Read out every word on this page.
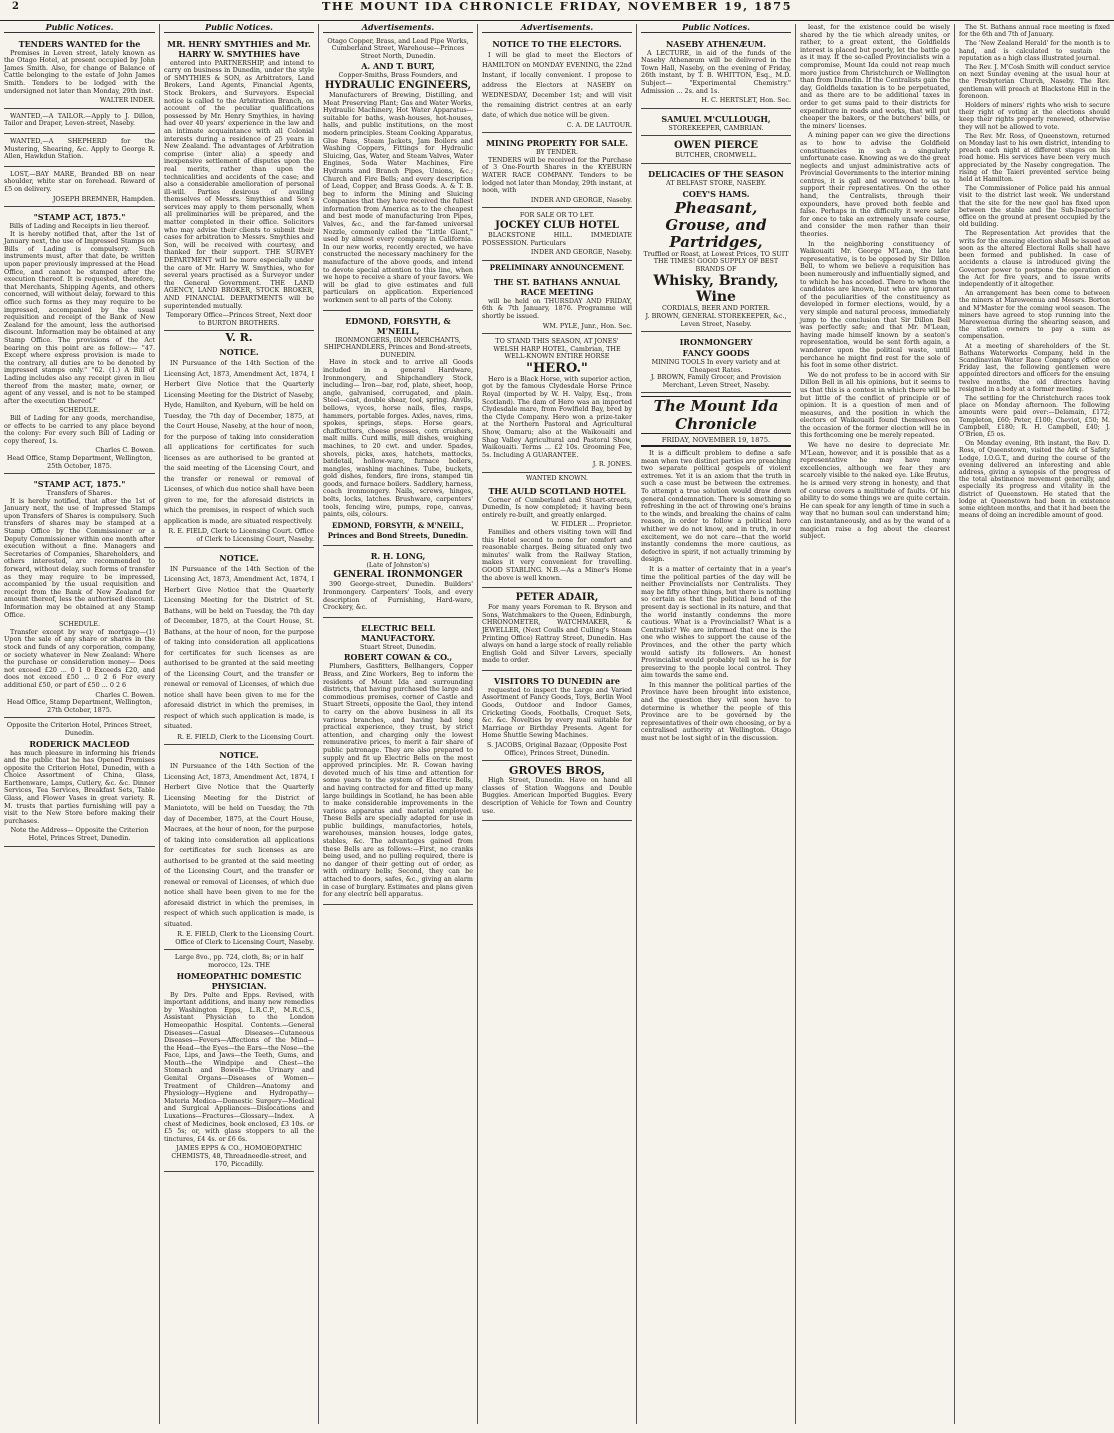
2	THE MOUNT IDA CHRONICLE FRIDAY, NOVEMBER 19, 1875
Public Notices.
TENDERS WANTED for the

Premises in Leven street, lately known as the Otago Hotel, at present occupied by John James Smith. Also, for change of Balance of Cattle belonging to the estate of John James Smith. Tenders to be lodged with the undersigned not later than Monday, 29th inst.

WALTER INDER.

WANTED,—A TAILOR.—Apply to J. Dillon, Tailor and Draper, Leven-street, Naseby.

WANTED,—A SHEPHERD for the Mustering, Shearing, &c. Apply to George R. Allen, Hawkdun Station.

LOST,—BAY MARE, Branded BB on near shoulder, white star on forehead. Reward of £5 on delivery.

JOSEPH BREMNER, Hampden.
"STAMP ACT, 1875."
Bills of Lading and Receipts in lieu thereof.

It is hereby notified that, after the 1st of January next, the use of Impressed Stamps on Bills of Lading is compulsory. Such instruments must, after that date, be written upon paper previously impressed at the Head Office, and cannot be stamped after the execution thereof. It is requested, therefore, that Merchants, Shipping Agents, and others concerned, will without delay, forward to this office such forms as they may require to be impressed, accompanied by the usual requisition and receipt of the Bank of New Zealand for the amount, less the authorised discount. Information may be obtained at any Stamp Office. The provisions of the Act bearing on this point are as follow:— "47. Except where express provision is made to the contrary, all duties are to be denoted by impressed stamps only." "62. (1.) A Bill of Lading includes also any receipt given in lieu thereof from the master, mate, owner, or agent of any vessel, and is not to be stamped after the execution thereof."

SCHEDULE.

Bill of Lading for any goods, merchandise, or effects to be carried to any place beyond the colony: For every such Bill of Lading or copy thereof, 1s.

Charles C. Bowen.
Head Office, Stamp Department, Wellington, 25th October, 1875.
"STAMP ACT, 1875."
Transfers of Shares.

It is hereby notified, that after the 1st of January next, the use of Impressed Stamps upon Transfers of Shares is compulsory. Such transfers of shares may be stamped at a Stamp Office by the Commissioner or a Deputy Commissioner within one month after execution without a fine. Managers and Secretaries of Companies, Shareholders, and others interested, are recommended to forward, without delay, such forms of transfer as they may require to be impressed, accompanied by the usual requisition and receipt from the Bank of New Zealand for amount thereof, less the authorised discount. Information may be obtained at any Stamp Office.

SCHEDULE.

Transfer except by way of mortgage—(1) Upon the sale of any share or shares in the stock and funds of any corporation, company, or society whatever in New Zealand: Where the purchase or consideration money— Does not exceed £20 ... 0 1 0 Exceeds £20, and does not exceed £50 ... 0 2 6 For every additional £50, or part of £50 ... 0 2 6

Charles C. Bowen.
Head Office, Stamp Department, Wellington, 27th October, 1875.
Opposite the Criterion Hotel, Princes Street, Dunedin.
RODERICK MACLEOD

has much pleasure in informing his friends and the public that he has Opened Premises opposite the Criterion Hotel, Dunedin, with a Choice Assortment of China, Glass, Earthenware, Lamps, Cutlery, &c. &c. Dinner Services, Tea Services, Breakfast Sets, Table Glass, and Flower Vases in great variety. R. M. trusts that parties furnishing will pay a visit to the New Store before making their purchases.

Note the Address— Opposite the Criterion Hotel, Princes Street, Dunedin.
Public Notices.
MR. HENRY SMYTHIES and Mr. HARRY W. SMYTHIES have

entered into PARTNERSHIP, and intend to carry on business in Dunedin, under the style of SMYTHIES & SON, as Arbitrators, Land Brokers, Land Agents, Financial Agents, Stock Brokers, and Surveyors. Especial notice is called to the Arbitration Branch, on account of the peculiar qualifications possessed by Mr. Henry Smythies, in having had over 40 years' experience in the law and an intimate acquaintance with all Colonial interests during a residence of 25 years in New Zealand. The advantages of Arbitration comprise (inter alia) a speedy and inexpensive settlement of disputes upon the real merits, rather than upon the technicalities and accidents of the case; and also a considerable amelioration of personal ill-will. Parties desirous of availing themselves of Messrs. Smythies and Son's services may apply to them personally, when all preliminaries will be prepared, and the matter completed in their office. Solicitors who may advise their clients to submit their cases for arbitration to Messrs. Smythies and Son, will be received with courtesy, and thanked for their support. THE SURVEY DEPARTMENT will be more especially under the care of Mr. Harry W. Smythies, who for several years practised as a Surveyor under the General Government. THE LAND AGENCY, LAND BROKER, STOCK BROKER, AND FINANCIAL DEPARTMENTS will be superintended mutually.

Temporary Office—Princes Street, Next door to BURTON BROTHERS.
V. R.
NOTICE.

IN Pursuance of the 14th Section of the Licensing Act, 1873, Amendment Act, 1874, I Herbert Give Notice that the Quarterly Licensing Meeting for the District of Naseby, Hyde, Hamilton, and Kyeburn, will be held on Tuesday, the 7th day of December, 1875, at the Court House, Naseby, at the hour of noon, for the purpose of taking into consideration all applications for certificates for such licenses as are authorised to be granted at the said meeting of the Licensing Court, and the transfer or renewal or removal of Licenses, of which due notice shall have been given to me, for the aforesaid districts in which the premises, in respect of which such application is made, are situated respectively.

R. E. FIELD, Clerk to Licensing Court. Office of Clerk to Licensing Court, Naseby.
NOTICE.

IN Pursuance of the 14th Section of the Licensing Act, 1873, Amendment Act, 1874, I Herbert Give Notice that the Quarterly Licensing Meeting for the District of St. Bathans, will be held on Tuesday, the 7th day of December, 1875, at the Court House, St. Bathans, at the hour of noon, for the purpose of taking into consideration all applications for certificates for such licenses as are authorised to be granted at the said meeting of the Licensing Court, and the transfer or renewal or removal of Licenses, of which due notice shall have been given to me for the aforesaid district in which the premises, in respect of which such application is made, is situated.

R. E. FIELD, Clerk to the Licensing Court.
NOTICE.

IN Pursuance of the 14th Section of the Licensing Act, 1873, Amendment Act, 1874, I Herbert Give Notice that the Quarterly Licensing Meeting for the District of Maniototo, will be held on Tuesday, the 7th day of December, 1875, at the Court House, Macraes, at the hour of noon, for the purpose of taking into consideration all applications for certificates for such licenses as are authorised to be granted at the said meeting of the Licensing Court, and the transfer or renewal or removal of Licenses, of which due notice shall have been given to me for the aforesaid district in which the premises, in respect of which such application is made, is situated.

R. E. FIELD, Clerk to the Licensing Court. Office of Clerk to Licensing Court, Naseby.
Large 8vo., pp. 724, cloth, 8s; or in half morocco, 12s. THE
HOMEOPATHIC DOMESTIC PHYSICIAN.

By Drs. Pulte and Epps. Revised, with important additions, and many new remedies by Washington Epps, L.R.C.P., M.R.C.S., Assistant Physician to the London Homeopathic Hospital. Contents.—General Diseases—Casual Diseases—Cutaneous Diseases—Fevers—Affections of the Mind—the Head—the Eyes—the Ears—the Nose—the Face, Lips, and Jaws—the Teeth, Gums, and Mouth—the Windpipe and Chest—the Stomach and Bowels—the Urinary and Genital Organs—Diseases of Women—Treatment of Children—Anatomy and Physiology—Hygiene and Hydropathy—Materia Medica—Domestic Surgery—Medical and Surgical Appliances—Dislocations and Luxations—Fractures—Glossary—Index. A chest of Medicines, book enclosed, £3 10s. or £5 5s; or, with glass stoppers to all the tinctures, £4 4s. or £6 6s.

JAMES EPPS & CO., HOMOEOPATHIC CHEMISTS, 48, Threadneedle-street, and 170, Piccadilly.
Advertisements.
Otago Copper, Brass, and Lead Pipe Works, Cumberland Street, Warehouse—Princes Street North, Dunedin.
A. AND T. BURT,
Copper-Smiths, Brass Founders, and
HYDRAULIC ENGINEERS,

Manufacturers of Brewing, Distilling, and Meat Preserving Plant; Gas and Water Works, Hydraulic Machinery, Hot Water Apparatus—suitable for baths, wash-houses, hot-houses, halls, and public institutions, on the most modern principles. Steam Cooking Apparatus, Glue Pans, Steam Jackets, Jam Boilers and Washing Coppers, Fittings for Hydraulic Sluicing, Gas, Water, and Steam Valves, Water Engines, Soda Water Machines, Fire Hydrants and Branch Pipes, Unions, &c.; Church and Fire Bells; and every description of Lead, Copper, and Brass Goods. A. & T. B. beg to inform the Mining and Sluicing Companies that they have received the fullest information from America as to the cheapest and best mode of manufacturing Iron Pipes, Valves, &c., and the far-famed universal Nozzle, commonly called the "Little Giant," used by almost every company in California. In our new works, recently erected, we have constructed the necessary machinery for the manufacture of the above goods, and intend to devote special attention to this line, when we hope to receive a share of your favors. We will be glad to give estimates and full particulars on application. Experienced workmen sent to all parts of the Colony.

EDMOND, FORSYTH, & M'NEILL,
IRONMONGERS, IRON MERCHANTS, SHIPCHANDLERS, Princes and Bond-streets, DUNEDIN.

Have in stock and to arrive all Goods included in a general Hardware, Ironmongery, and Shipchandlery Stock, including— Iron—bar, rod, plate, sheet, hoop, angle, galvanised, corrugated, and plain. Steel—cast, double shear, tool, spring. Anvils, bellows, vyces, horse nails, files, rasps, hammers, portable forges. Axles, naves, rims, spokes, springs, steps. Horse gears, chaffcutters, cheese presses, corn crushers, malt mills. Curd mills, mill dishes, weighing machines, to 20 cwt. and under. Spades, shovels, picks, axes, hatchets, mattocks, batdetail, hollow-ware, furnace boilers, mangles, washing machines. Tube, buckets, gold dishes, fenders, fire irons, stamped tin goods, and furnace boilers. Saddlery, harness, coach ironmongery. Nails, screws, hinges, bolts, locks, latches. Brushware, carpenters' tools, fencing wire, pumps, rope, canvas, paints, oils, colours.

EDMOND, FORSYTH, & M'NEILL, Princes and Bond Streets, Dunedin.
R. H. LONG,
(Late of Johnston's)
GENERAL IRONMONGER

390 George-street, Dunedin. Builders' Ironmongery. Carpenters' Tools, and every description of Furnishing, Hard-ware, Crockery, &c.

ELECTRIC BELL MANUFACTORY.
Stuart Street, Dunedin.
ROBERT COWAN & CO.,

Plumbers, Gasfitters, Bellhangers, Copper Brass, and Zinc Workers, Beg to inform the residents of Mount Ida and surrounding districts, that having purchased the large and commodious premises, corner of Castle and Stuart Streets, opposite the Gaol, they intend to carry on the above business in all its various branches, and having had long practical experience, they trust, by strict attention, and charging only the lowest remunerative prices, to merit a fair share of public patronage. They are also prepared to supply and fit up Electric Bells on the most approved principles. Mr. R. Cowan having devoted much of his time and attention for some years to the system of Electric Bells, and having contracted for and fitted up many large buildings in Scotland, he has been able to make considerable improvements in the various apparatus and material employed. These Bells are specially adapted for use in public buildings, manufactories, hotels, warehouses, mansion houses, lodge gates, stables, &c. The advantages gained from these Bells are as follows:—First, no cranks being used, and no pulling required, there is no danger of their getting out of order, as with ordinary bells; Second, they can be attached to doors, safes, &c., giving an alarm in case of burglary. Estimates and plans given for any electric bell apparatus.

Advertisements.
NOTICE TO THE ELECTORS.

I will be glad to meet the Electors of HAMILTON on MONDAY EVENING, the 22nd Instant, if locally convenient. I propose to address the Electors at NASEBY on WEDNESDAY, December 1st; and will visit the remaining district centres at an early date, of which due notice will be given.

C. A. DE LAUTOUR.
MINING PROPERTY FOR SALE.
BY TENDER.

TENDERS will be received for the Purchase of 3 One-Fourth Shares in the KYEBURN WATER RACE COMPANY. Tenders to be lodged not later than Monday, 29th instant, at noon, with

INDER AND GEORGE, Naseby.
FOR SALE OR TO LET.
JOCKEY CLUB HOTEL

BLACKSTONE HILL. IMMEDIATE POSSESSION. Particulars

INDER AND GEORGE, Naseby.
PRELIMINARY ANNOUNCEMENT.
THE ST. BATHANS ANNUAL RACE MEETING

will be held on THURSDAY AND FRIDAY, 6th & 7th January, 1876. Programme will shortly be issued.

WM. PYLE, Junr., Hon. Sec.
TO STAND THIS SEASON, AT JONES' WELSH HARP HOTEL, Cambrian, THE WELL-KNOWN ENTIRE HORSE
"HERO."

Hero is a Black Horse, with superior action, got by the famous Clydesdale Horse Prince Royal (imported by W. H. Valpy, Esq., from Scotland). The dam of Hero was an imported Clydesdale mare, from Fowlfield Bay, bred by the Clyde Company. Hero won a prize-taker at the Northern Pastoral and Agricultural Show, Oamaru; also at the Waikouaiti and Shag Valley Agricultural and Pastoral Show, Waikouaiti. Terms ... £2 10s. Grooming Fee, 5s. Including A GUARANTEE.

J. R. JONES.
WANTED KNOWN.
THE AULD SCOTLAND HOTEL

Corner of Cumberland and Stuart-streets, Dunedin, Is now completed; it having been entirely re-built, and greatly enlarged.

W. FIDLER ... Proprietor.

Families and others visiting town will find this Hotel second to none for comfort and reasonable charges. Being situated only two minutes' walk from the Railway Station, makes it very convenient for travelling. GOOD STABLING. N.B.—As a Miner's Home the above is well known.

PETER ADAIR,

For many years Foreman to R. Bryson and Sons, Watchmakers to the Queen, Edinburgh, CHRONOMETER, WATCHMAKER, & JEWELLER, (Next Coulls and Culling's Steam Printing Office) Rattray Street, Dunedin. Has always on hand a large stock of really reliable English Gold and Silver Levers, specially made to order.

VISITORS TO DUNEDIN are

requested to inspect the Large and Varied Assortment of Fancy Goods, Toys, Berlin Wool Goods, Outdoor and Indoor Games, Cricketing Goods, Footballs, Croquet Sets, &c. &c. Novelties by every mail suitable for Marriage or Birthday Presents. Agent for Home Shuttle Sewing Machines.

S. JACOBS, Original Bazaar, (Opposite Post Office), Princes Street, Dunedin.
GROVES BROS,

High Street, Dunedin. Have on hand all classes of Station Waggons and Double Buggies. American Imported Buggies. Every description of Vehicle for Town and Country use.

Public Notices.
NASEBY ATHENÆUM.

A LECTURE, in aid of the funds of the Naseby Athenæum will be delivered in the Town Hall, Naseby, on the evening of Friday, 26th instant, by T. B. WHITTON, Esq., M.D. Subject— "Experimental Chemistry." Admission ... 2s. and 1s.

H. C. HERTSLET, Hon. Sec.
SAMUEL M'CULLOUGH,
STOREKEEPER, CAMBRIAN.
OWEN PIERCE
BUTCHER, CROMWELL.
DELICACIES OF THE SEASON
AT BELFAST STORE, NASEBY.
COEY'S HAMS.
Pheasant, Grouse, and Partridges,
Truffled or Roast, at Lowest Prices, TO SUIT THE TIMES! GOOD SUPPLY OF BEST BRANDS OF
Whisky, Brandy, Wine
CORDIALS, BEER AND PORTER.
J. BROWN, GENERAL STOREKEEPER, &c., Leven Street, Naseby.
IRONMONGERY
FANCY GOODS
MINING TOOLS In every variety and at Cheapest Rates.
J. BROWN, Family Grocer, and Provision Merchant, Leven Street, Naseby.
The Mount Ida Chronicle
FRIDAY, NOVEMBER 19, 1875.

It is a difficult problem to define a safe mean when two distinct parties are preaching two separate political gospels of violent extremes. Yet it is an axiom that the truth in such a case must be between the extremes. To attempt a true solution would draw down general condemnation. There is something so refreshing in the act of throwing one's brains to the winds, and breaking the chains of calm reason, in order to follow a political hero whither we do not know, and in truth, in our excitement, we do not care—that the world instantly condemns the more cautious, as defective in spirit, if not actually trimming by design.

It is a matter of certainty that in a year's time the political parties of the day will be neither Provincialists nor Centralists. They may be fifty other things, but there is nothing so certain as that the political bond of the present day is sectional in its nature, and that the world instantly condemns the more cautious. What is a Provincialist? What is a Centralist? We are informed that one is the one who wishes to support the cause of the Provinces, and the other the party which would satisfy its followers. An honest Provincialist would probably tell us he is for preserving to the people local control. They aim towards the same end.

In this manner the political parties of the Province have been brought into existence, and the question they will soon have to determine is whether the people of this Province are to be governed by the representatives of their own choosing, or by a centralised authority at Wellington. Otago must not be lost sight of in the discussion.

least, for the existence could be wisely shared by the tie which already unites, or rather, to a great extent, the Goldfields interest is placed but poorly, let the battle go as it may. If the so-called Provincialists win a compromise, Mount Ida could not reap much more justice from Christchurch or Wellington than from Dunedin. If the Centralists gain the day, Goldfields taxation is to be perpetuated, and as there are to be additional taxes in order to get sums paid to their districts for expenditure in roads and works, that will put cheaper the bakers, or the butchers' bills, or the miners' licenses.

A mining paper can we give the directions as to how to advise the Goldfield constituencies in such a singularly unfortunate case. Knowing as we do the great neglects and unjust administrative acts of Provincial Governments to the interior mining centres, it is gall and wormwood to us to support their representatives. On the other hand, the Centralists, through their expounders, have proved both feeble and false. Perhaps in the difficulty it were safer for once to take an extremely unsafe course, and consider the men rather than their theories.

In the neighboring constituency of Waikouaiti Mr. George M'Lean, the late representative, is to be opposed by Sir Dillon Bell, to whom we believe a requisition has been numerously and influentially signed, and to which he has acceded. There to whom the candidates are known, but who are ignorant of the peculiarities of the constituency as developed in former elections, would, by a very simple and natural process, immediately jump to the conclusion that Sir Dillon Bell was perfectly safe; and that Mr. M'Lean, having made himself known by a seaton's representation, would be sent forth again, a wanderer upon the political waste, until perchance he might find rest for the sole of his foot in some other district.

We do not profess to be in accord with Sir Dillon Bell in all his opinions, but it seems to us that this is a contest in which there will be but little of the conflict of principle or of opinion. It is a question of men and of measures, and the position in which the electors of Waikouaiti found themselves on the occasion of the former election will be in this forthcoming one be merely repeated.

We have no desire to depreciate Mr. M'Lean, however, and it is possible that as a representative he may have many excellencies, although we fear they are scarcely visible to the naked eye. Like Brutus, he is armed very strong in honesty, and that of course covers a multitude of faults. Of his ability to do some things we are quite certain. He can speak for any length of time in such a way that no human soul can understand him; can instantaneously, and as by the wand of a magician raise a fog about the clearest subject.

The St. Bathans annual race meeting is fixed for the 6th and 7th of January.

The 'New Zealand Herald' for the month is to hand, and is calculated to sustain the reputation as a high class illustrated journal.

The Rev. J. M'Cosh Smith will conduct service on next Sunday evening at the usual hour at the Presbyterian Church, Naseby. The Rev. gentleman will preach at Blackstone Hill in the forenoon.

Holders of miners' rights who wish to secure their right of voting at the elections should keep their rights properly renewed, otherwise they will not be allowed to vote.

The Rev. Mr. Ross, of Queenstown, returned on Monday last to his own district, intending to preach each night at different stages on his road home. His services have been very much appreciated by the Naseby congregation. The rising of the Taieri prevented service being held at Hamilton.

The Commissioner of Police paid his annual visit to the district last week. We understand that the site for the new gaol has fixed upon between the stable and the Sub-Inspector's office on the ground at present occupied by the old building.

The Representation Act provides that the writs for the ensuing election shall be issued as soon as the altered Electoral Rolls shall have been formed and published. In case of accidents a clause is introduced giving the Governor power to postpone the operation of the Act for five years, and to issue writs independently of it altogether.

An arrangement has been come to between the miners at Mareweenua and Messrs. Borton and M'Master for the coming wool season. The miners have agreed to stop running into the Mareweenua during the shearing season, and the station owners to pay a sum as compensation.

At a meeting of shareholders of the St. Bathans Waterworks Company, held in the Scandinavian Water Race Company's office on Friday last, the following gentlemen were appointed directors and officers for the ensuing twelve months, the old directors having resigned in a body at a former meeting.

The settling for the Christchurch races took place on Monday afternoon. The following amounts were paid over:—Delamain, £172; Templeton, £60; Peter, £100; Cheviot, £50; M. Campbell, £180; R. H. Campbell, £40; J. O'Brien, £5 os.

On Monday evening, 8th instant, the Rev. D. Ross, of Queenstown, visited the Ark of Safety Lodge, I.O.G.T., and during the course of the evening delivered an interesting and able address, giving a synopsis of the progress of the total abstinence movement generally, and especially its progress and vitality in the district of Queenstown. He stated that the lodge at Queenstown had been in existence some eighteen months, and that it had been the means of doing an incredible amount of good.
